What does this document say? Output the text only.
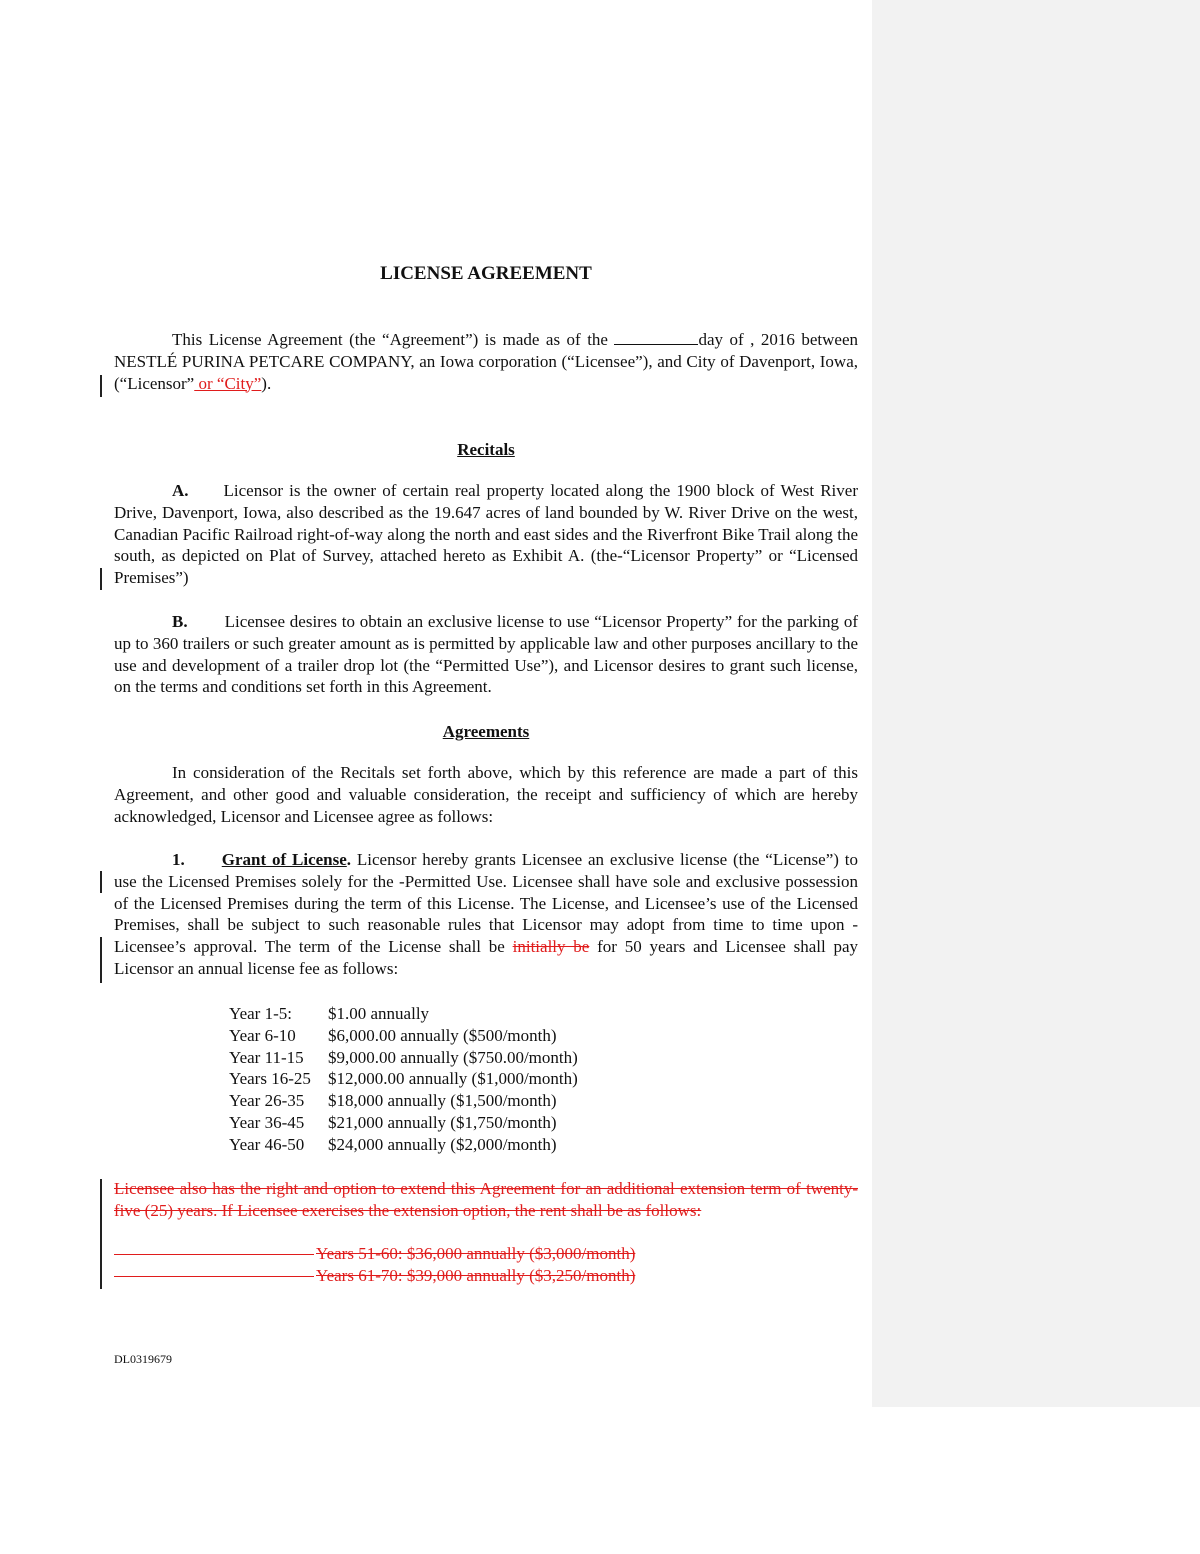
LICENSE AGREEMENT

This License Agreement (the “Agreement”) is made as of the	day of , 2016 between NESTLÉ PURINA PETCARE COMPANY, an Iowa corporation (“Licensee”), and City of Davenport, Iowa, (“Licensor” or “City”).

Recitals

A. Licensor is the owner of certain real property located along the 1900 block of West River Drive, Davenport, Iowa, also described as the 19.647 acres of land bounded by W. River Drive on the west, Canadian Pacific Railroad right-of-way along the north and east sides and the Riverfront Bike Trail along the south, as depicted on Plat of Survey, attached hereto as Exhibit A. (the-“Licensor Property” or “Licensed Premises”)

B. Licensee desires to obtain an exclusive license to use “Licensor Property” for the parking of up to 360 trailers or such greater amount as is permitted by applicable law and other purposes ancillary to the use and development of a trailer drop lot (the “Permitted Use”), and Licensor desires to grant such license, on the terms and conditions set forth in this Agreement.

Agreements

In consideration of the Recitals set forth above, which by this reference are made a part of this Agreement, and other good and valuable consideration, the receipt and sufficiency of which are hereby acknowledged, Licensor and Licensee agree as follows:

1. Grant of License. Licensor hereby grants Licensee an exclusive license (the “License”) to use the Licensed Premises solely for the -Permitted Use. Licensee shall have sole and exclusive possession of the Licensed Premises during the term of this License. The License, and Licensee’s use of the Licensed Premises, shall be subject to such reasonable rules that Licensor may adopt from time to time upon -Licensee’s approval. The term of the License shall be initially be for 50 years and Licensee shall pay Licensor an annual license fee as follows:

Year 1-5:	$1.00 annually
Year 6-10	$6,000.00 annually ($500/month)
Year 11-15	$9,000.00 annually ($750.00/month)
Years 16-25	$12,000.00 annually ($1,000/month)
Year 26-35	$18,000 annually ($1,500/month)
Year 36-45	$21,000 annually ($1,750/month)
Year 46-50	$24,000 annually ($2,000/month)

Licensee also has the right and option to extend this Agreement for an additional extension term of twenty-five (25) years. If Licensee exercises the extension option, the rent shall be as follows:

Years 51-60: $36,000 annually ($3,000/month)
Years 61-70: $39,000 annually ($3,250/month)
DL0319679
